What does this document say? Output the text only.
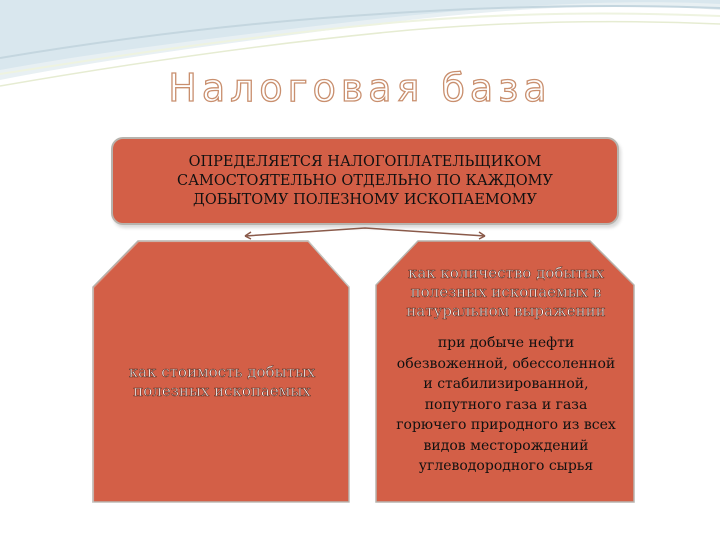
Налоговая база
ОПРЕДЕЛЯЕТСЯ НАЛОГОПЛАТЕЛЬЩИКОМ САМОСТОЯТЕЛЬНО ОТДЕЛЬНО ПО КАЖДОМУ ДОБЫТОМУ ПОЛЕЗНОМУ ИСКОПАЕМОМУ
как стоимость добытых полезных ископаемых
как количество добытых полезных ископаемых в натуральном выражении
при добыче нефти обезвоженной, обессоленной и стабилизированной, попутного газа и газа горючего природного из всех видов месторождений углеводородного сырья
